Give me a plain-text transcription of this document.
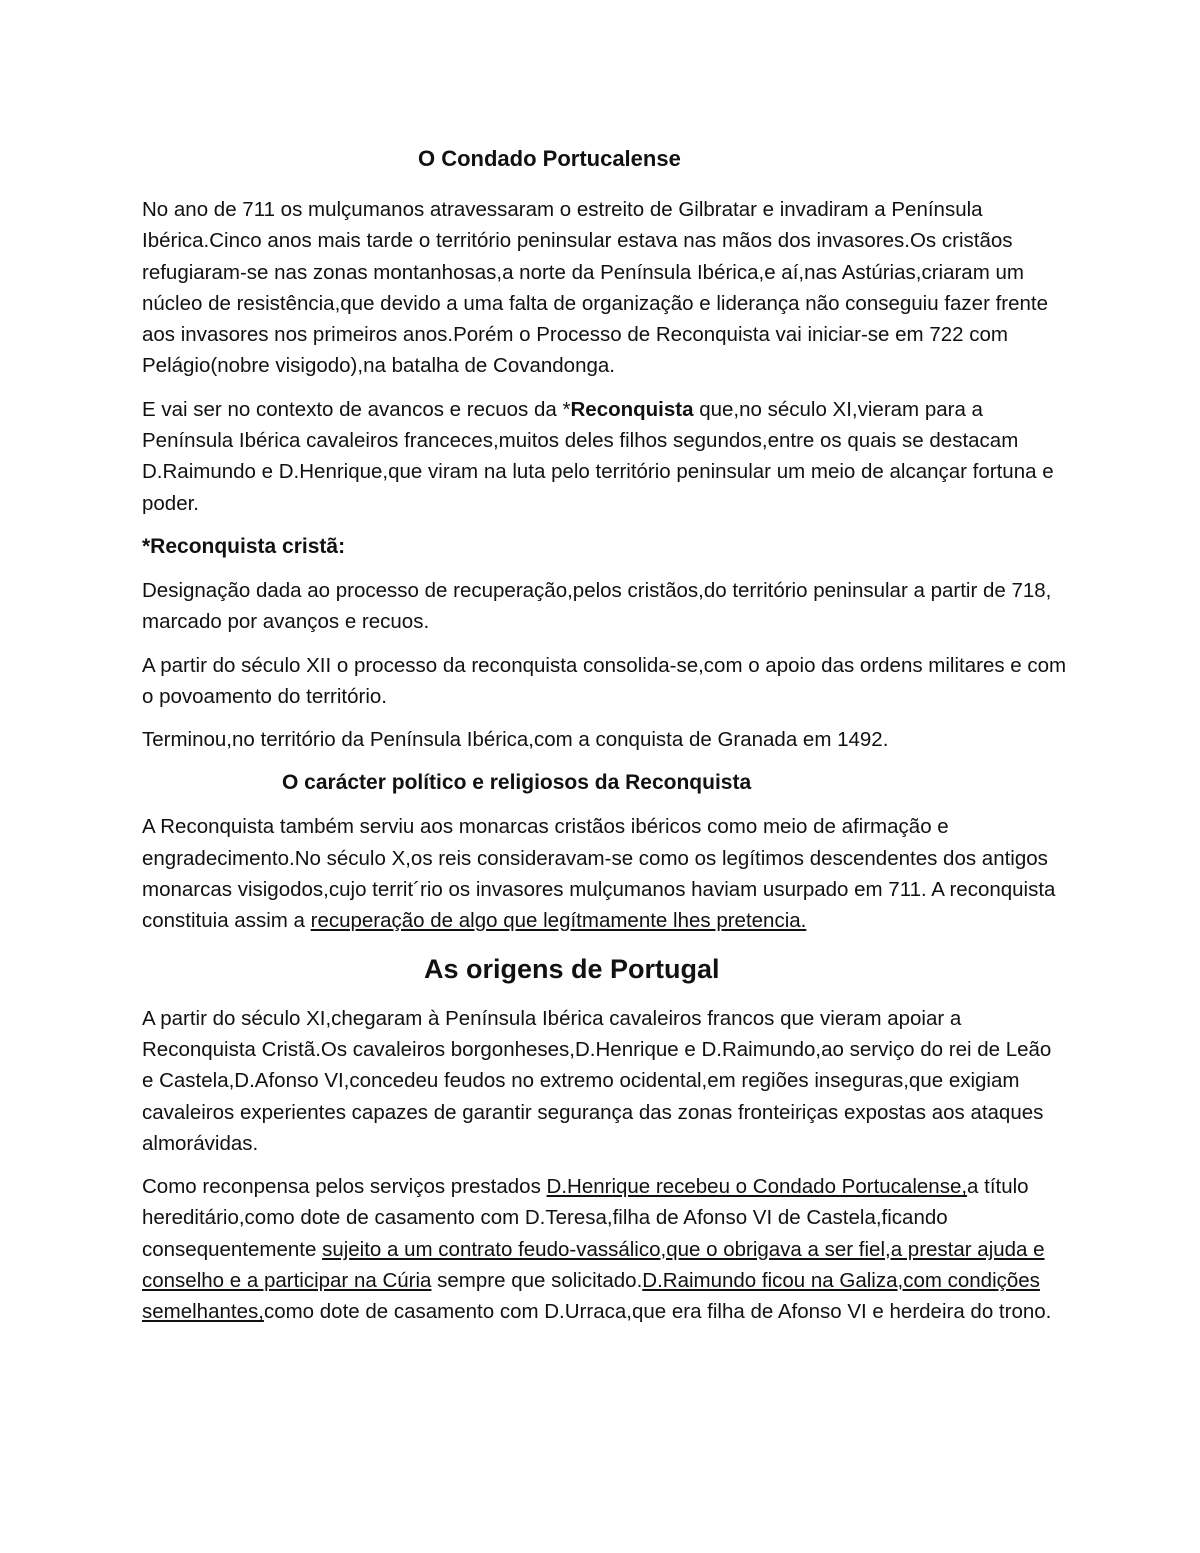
O Condado Portucalense

No ano de 711 os mulçumanos atravessaram o estreito de Gilbratar e invadiram a Península Ibérica.Cinco anos mais tarde o território peninsular estava nas mãos dos invasores.Os cristãos refugiaram-se nas zonas montanhosas,a norte da Península Ibérica,e aí,nas Astúrias,criaram um núcleo de resistência,que devido a uma falta de organização e liderança não conseguiu fazer frente aos invasores nos primeiros anos.Porém o Processo de Reconquista vai iniciar-se em 722 com Pelágio(nobre visigodo),na batalha de Covandonga.

E vai ser no contexto de avancos e recuos da *Reconquista que,no século XI,vieram para a Península Ibérica cavaleiros franceces,muitos deles filhos segundos,entre os quais se destacam D.Raimundo e D.Henrique,que viram na luta pelo território peninsular um meio de alcançar fortuna e poder.

*Reconquista cristã:

Designação dada ao processo de recuperação,pelos cristãos,do território peninsular a partir de 718, marcado por avanços e recuos.

A partir do século XII o processo da reconquista consolida-se,com o apoio das ordens militares e com o povoamento do território.

Terminou,no território da Península Ibérica,com a conquista de Granada em 1492.

O carácter político e religiosos da Reconquista

A Reconquista também serviu aos monarcas cristãos ibéricos como meio de afirmação e engradecimento.No século X,os reis consideravam-se como os legítimos descendentes dos antigos monarcas visigodos,cujo territ´rio os invasores mulçumanos haviam usurpado em 711. A reconquista constituia assim a recuperação de algo que legítmamente lhes pretencia.

As origens de Portugal

A partir do século XI,chegaram à Península Ibérica cavaleiros francos que vieram apoiar a Reconquista Cristã.Os cavaleiros borgonheses,D.Henrique e D.Raimundo,ao serviço do rei de Leão e Castela,D.Afonso VI,concedeu feudos no extremo ocidental,em regiões inseguras,que exigiam cavaleiros experientes capazes de garantir segurança das zonas fronteiriças expostas aos ataques almorávidas.

Como reconpensa pelos serviços prestados D.Henrique recebeu o Condado Portucalense,a título hereditário,como dote de casamento com D.Teresa,filha de Afonso VI de Castela,ficando consequentemente sujeito a um contrato feudo-vassálico,que o obrigava a ser fiel,a prestar ajuda e conselho e a participar na Cúria sempre que solicitado.D.Raimundo ficou na Galiza,com condições semelhantes,como dote de casamento com D.Urraca,que era filha de Afonso VI e herdeira do trono.
